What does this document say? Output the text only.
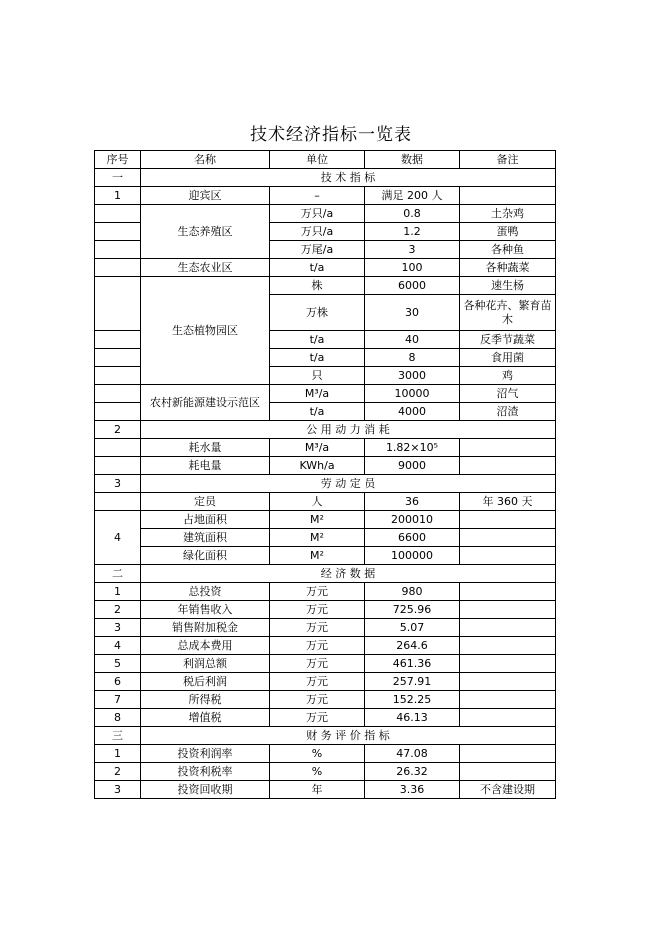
技术经济指标一览表
序号	名称	单位	数据	备注
一	技 术 指 标			
1	迎宾区	–	满足 200 人	
	生态养殖区	万只/a	0.8	土杂鸡
		万只/a	1.2	蛋鸭
		万尾/a	3	各种鱼
	生态农业区	t/a	100	各种蔬菜
	生态植物园区	株	6000	速生杨
		万株	30	各种花卉、繁育苗木
		t/a	40	反季节蔬菜
		t/a	8	食用菌
		只	3000	鸡
	农村新能源建设示范区	M³/a	10000	沼气
		t/a	4000	沼渣
2	公 用 动 力 消 耗			
	耗水量	M³/a	1.82×10⁵	
	耗电量	KWh/a	9000	
3	劳 动 定 员			
	定员	人	36	年 360 天
4	占地面积	M²	200010	
	建筑面积	M²	6600	
	绿化面积	M²	100000	
二	经 济 数 据			
1	总投资	万元	980	
2	年销售收入	万元	725.96	
3	销售附加税金	万元	5.07	
4	总成本费用	万元	264.6	
5	利润总额	万元	461.36	
6	税后利润	万元	257.91	
7	所得税	万元	152.25	
8	增值税	万元	46.13	
三	财 务 评 价 指 标			
1	投资利润率	%	47.08	
2	投资利税率	%	26.32	
3	投资回收期	年	3.36	不含建设期
